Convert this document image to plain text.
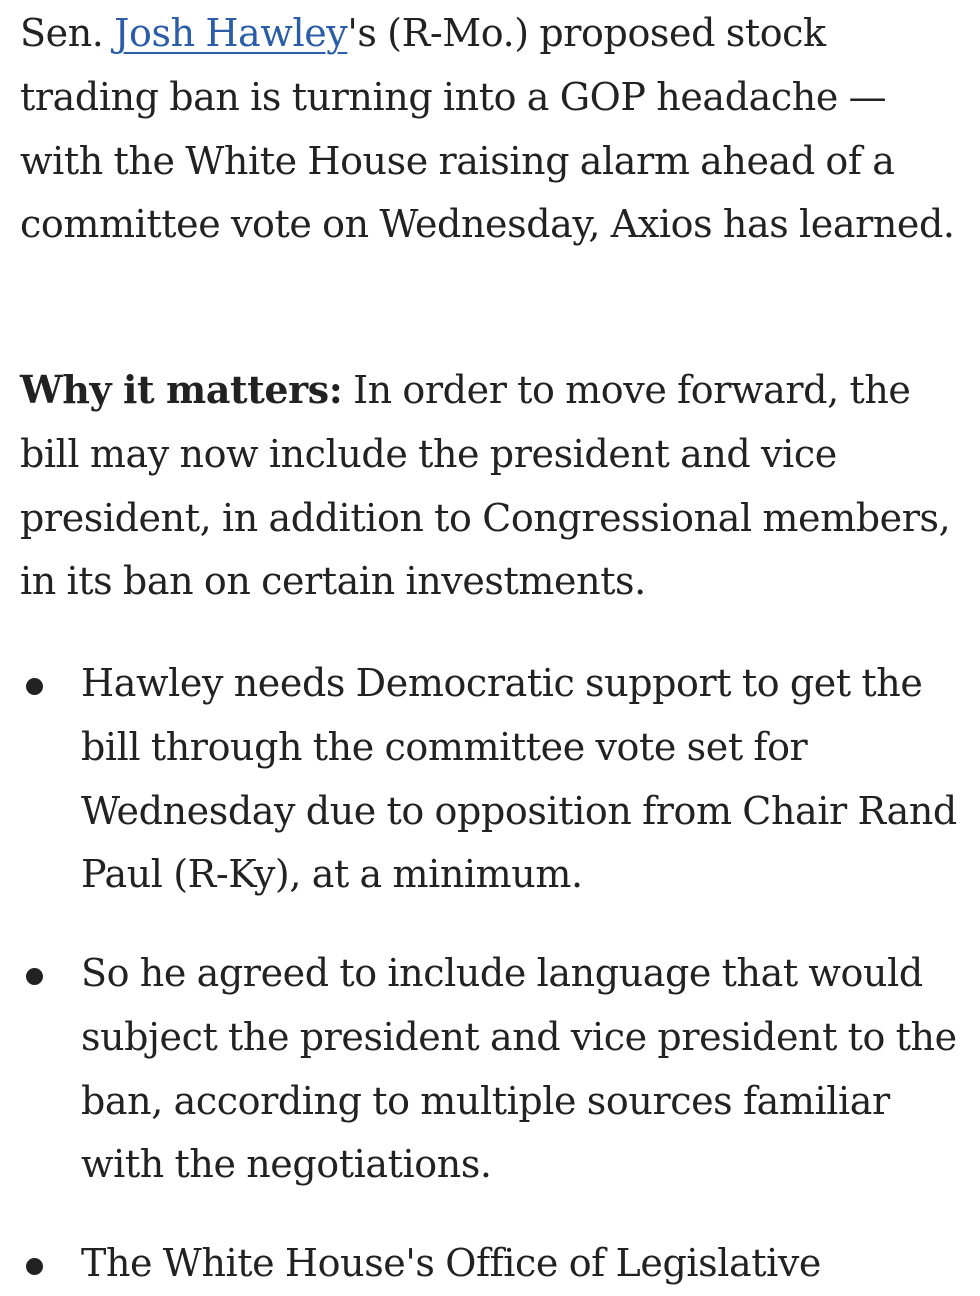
Sen. Josh Hawley's (R-Mo.) proposed stock trading ban is turning into a GOP headache — with the White House raising alarm ahead of a committee vote on Wednesday, Axios has learned.

Why it matters: In order to move forward, the bill may now include the president and vice president, in addition to Congressional members, in its ban on certain investments.

Hawley needs Democratic support to get the bill through the committee vote set for Wednesday due to opposition from Chair Rand Paul (R-Ky), at a minimum.

So he agreed to include language that would subject the president and vice president to the ban, according to multiple sources familiar with the negotiations.

The White House's Office of Legislative
